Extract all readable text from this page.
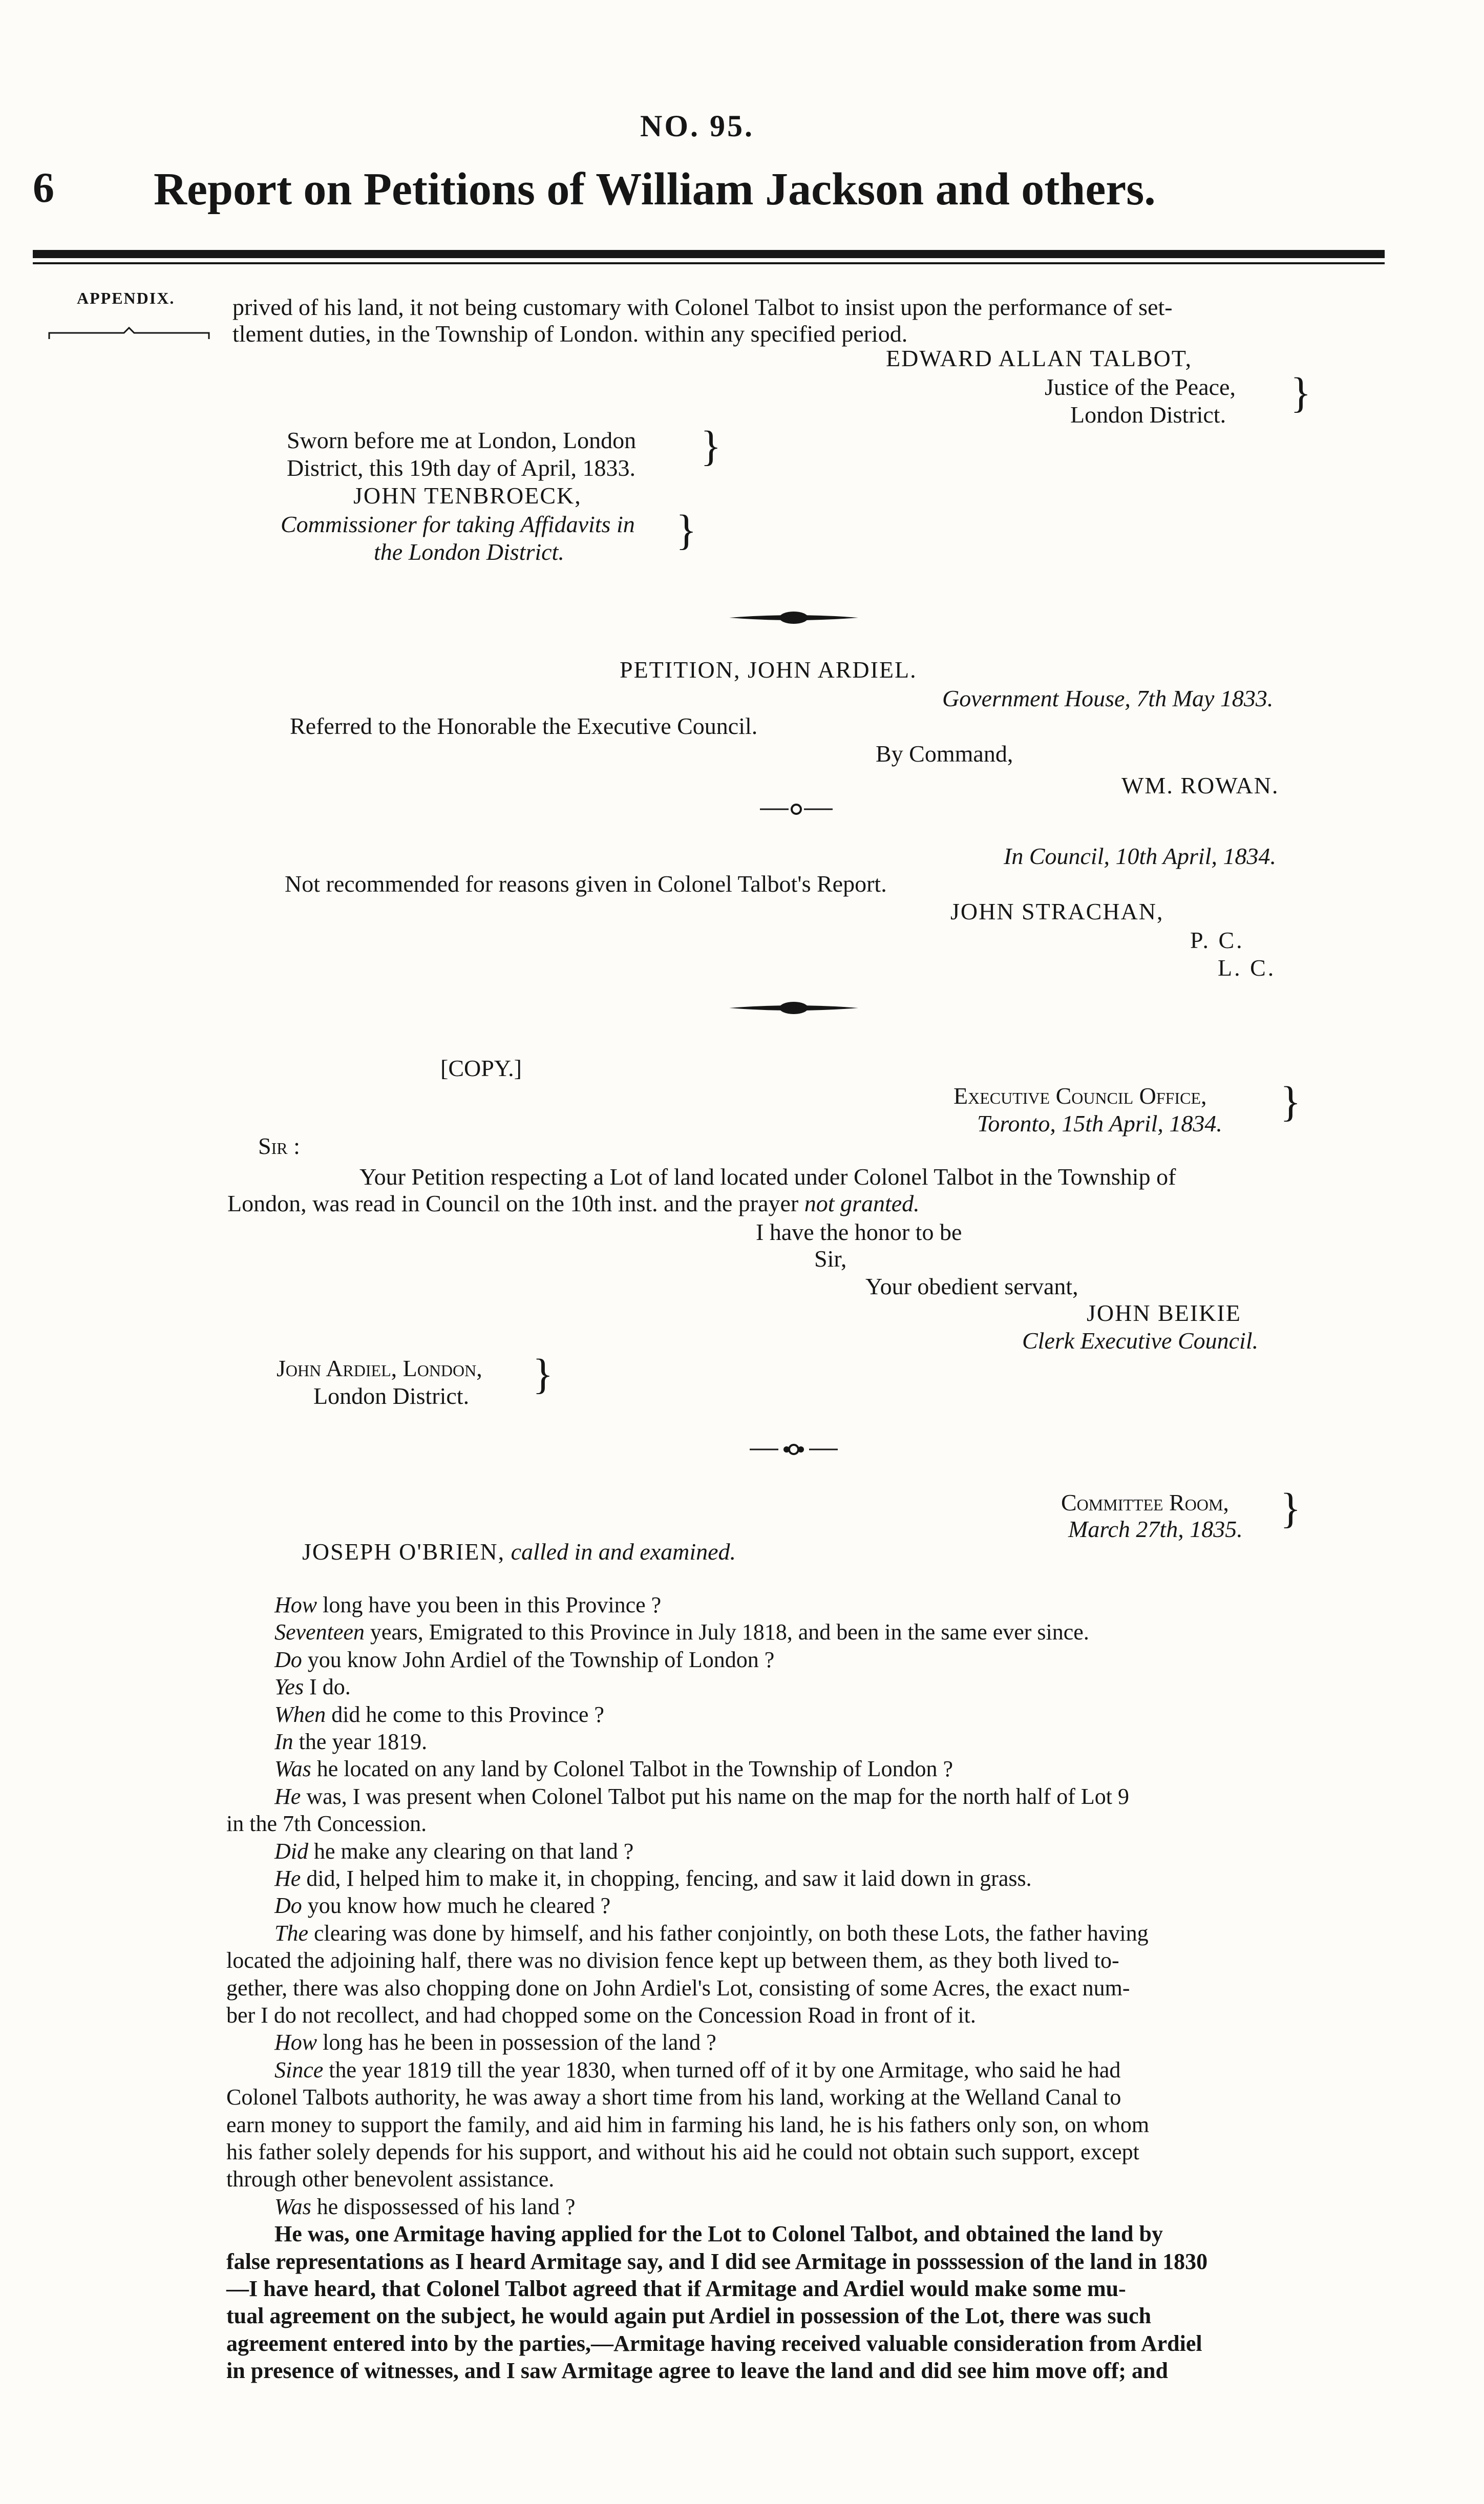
NO. 95.
6 Report on Petitions of William Jackson and others.
APPENDIX. prived of his land, it not being customary with Colonel Talbot to insist upon the performance of set-
tlement duties, in the Township of London. within any specified period.
EDWARD ALLAN TALBOT,
Justice of the Peace,
London District. }
Sworn before me at London, London
District, this 19th day of April, 1833. }
JOHN TENBROECK,
Commissioner for taking Affidavits in
the London District.	}
PETITION, JOHN ARDIEL.
Government House, 7th May 1833.
Referred to the Honorable the Executive Council.
By Command,
WM. ROWAN.
In Council, 10th April, 1834.
Not recommended for reasons given in Colonel Talbot's Report.
JOHN STRACHAN,
P. C.
L. C.
[COPY.]
Executive Council Office,
Toronto, 15th April, 1834. }
Sir :
Your Petition respecting a Lot of land located under Colonel Talbot in the Township of
London, was read in Council on the 10th inst. and the prayer not granted.
I have the honor to be
Sir,
Your obedient servant,
JOHN BEIKIE
Clerk Executive Council.
John Ardiel, London,
London District. }
Committee Room,
March 27th, 1835. }
JOSEPH O'BRIEN, called in and examined.
How long have you been in this Province ?
Seventeen years, Emigrated to this Province in July 1818, and been in the same ever since.
Do you know John Ardiel of the Township of London ?
Yes I do.
When did he come to this Province ?
In the year 1819.
Was he located on any land by Colonel Talbot in the Township of London ?
He was, I was present when Colonel Talbot put his name on the map for the north half of Lot 9
in the 7th Concession.
Did he make any clearing on that land ?
He did, I helped him to make it, in chopping, fencing, and saw it laid down in grass.
Do you know how much he cleared ?
The clearing was done by himself, and his father conjointly, on both these Lots, the father having
located the adjoining half, there was no division fence kept up between them, as they both lived to-
gether, there was also chopping done on John Ardiel's Lot, consisting of some Acres, the exact num-
ber I do not recollect, and had chopped some on the Concession Road in front of it.
How long has he been in possession of the land ?
Since the year 1819 till the year 1830, when turned off of it by one Armitage, who said he had
Colonel Talbots authority, he was away a short time from his land, working at the Welland Canal to
earn money to support the family, and aid him in farming his land, he is his fathers only son, on whom
his father solely depends for his support, and without his aid he could not obtain such support, except
through other benevolent assistance.
Was he dispossessed of his land ?
He was, one Armitage having applied for the Lot to Colonel Talbot, and obtained the land by
false representations as I heard Armitage say, and I did see Armitage in posssession of the land in 1830
—I have heard, that Colonel Talbot agreed that if Armitage and Ardiel would make some mu-
tual agreement on the subject, he would again put Ardiel in possession of the Lot, there was such
agreement entered into by the parties,—Armitage having received valuable consideration from Ardiel
in presence of witnesses, and I saw Armitage agree to leave the land and did see him move off; and
